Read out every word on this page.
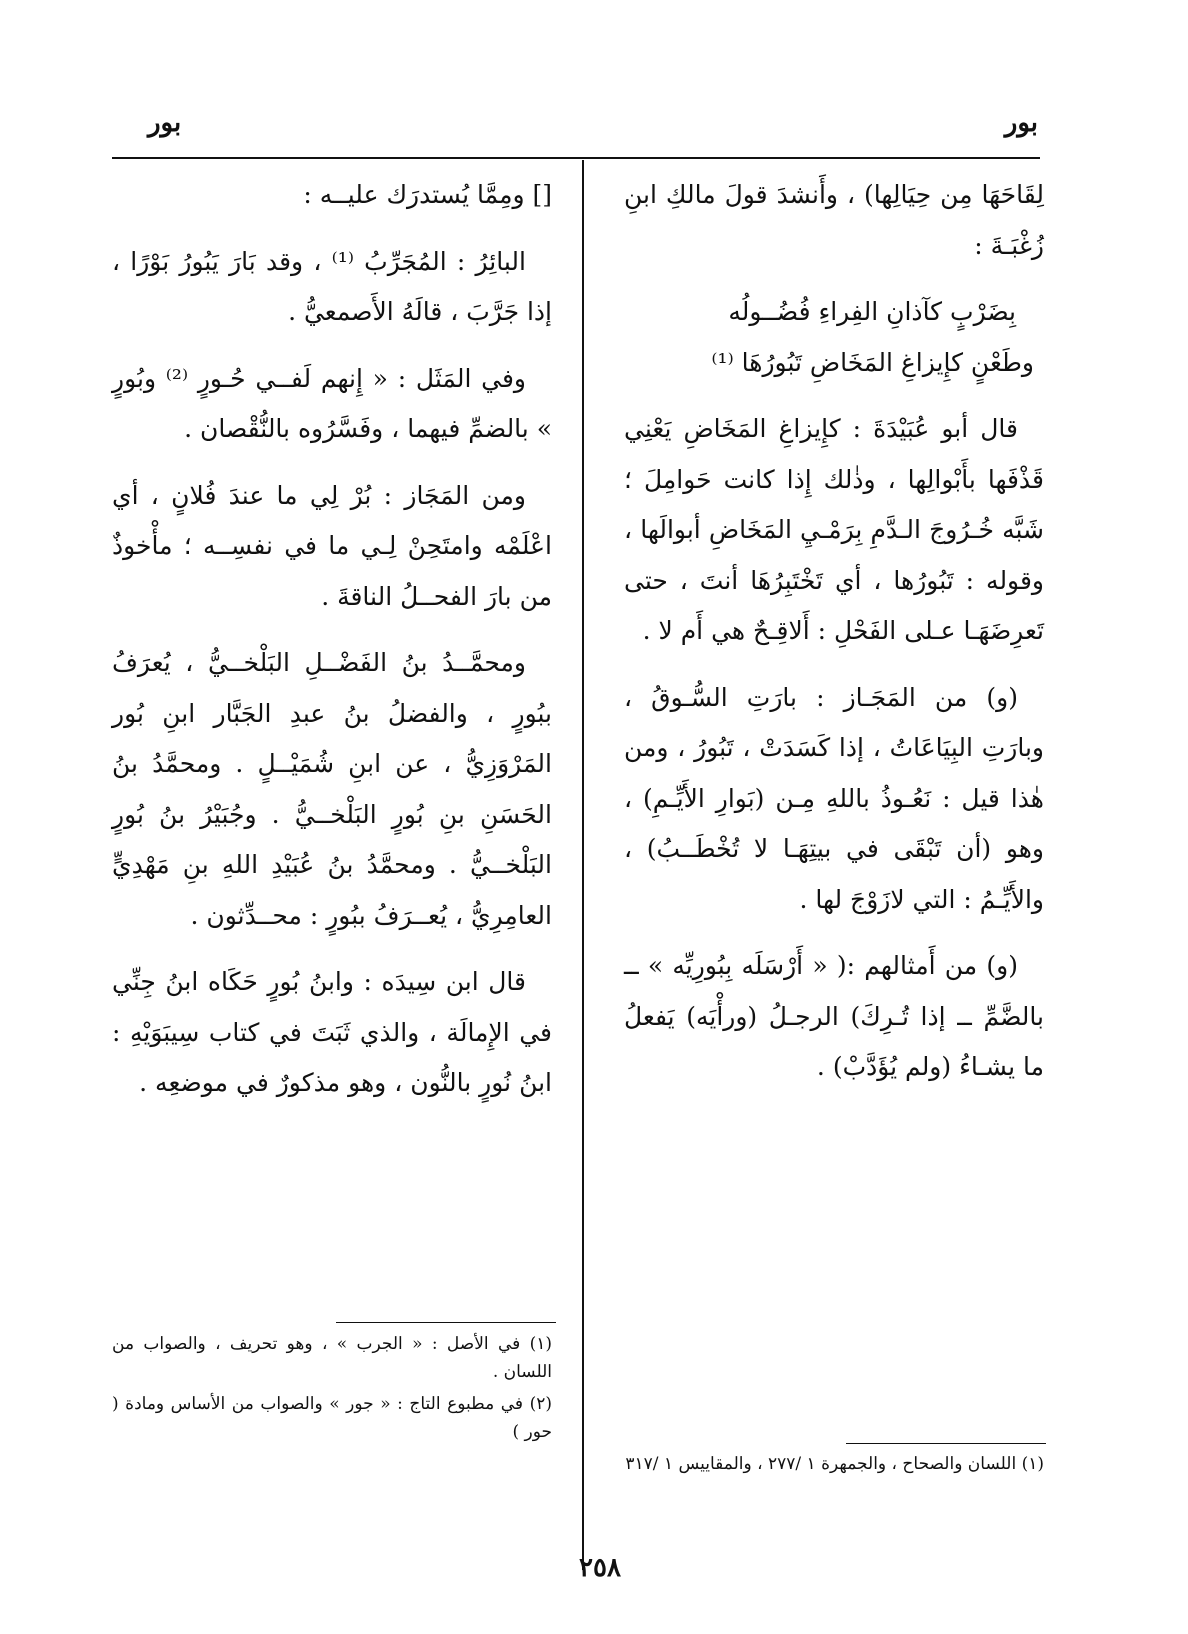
بور
بور

لِقَاحَهَا مِن حِيَالِها) ، وأَنشدَ قولَ مالكِ ابنِ زُغْبَـةَ :

بِضَرْبٍ كآذانِ الفِراءِ فُضُــولُه
وطَعْنٍ كإِيزاغِ المَخَاضِ تَبُورُهَا ⁽¹⁾

قال أبو عُبَيْدَةَ : كإِيزاغِ المَخَاضِ يَعْنِي قَذْفَها بأَبْوالِها ، وذٰلك إِذا كانت حَوامِلَ ؛ شَبَّه خُـرُوجَ الـدَّمِ بِرَمْـيِ المَخَاضِ أبوالَها ، وقوله : تَبُورُها ، أي تَخْتَبِرُهَا أنتَ ، حتى تَعرِضَهَـا عـلى الفَحْلِ : أَلاقِـحٌ هي أَم لا .

(و) من المَجَـاز : بارَتِ السُّـوقُ ، وبارَتِ البِيَاعَاتُ ، إذا كَسَدَتْ ، تَبُورُ ، ومن هٰذا قيل : نَعُـوذُ باللهِ مِـن (بَوارِ الأَيِّـمِ) ، وهو (أن تَبْقَى في بيتِهَـا لا تُخْطَــبُ) ، والأَيِّـمُ : التي لازَوْجَ لها .

(و) من أَمثالهم :( « أَرْسَلَه بِبُورِيِّه » ــ بالضَّمِّ ــ إذا تُـرِكَ) الرجـلُ (ورأْيَه) يَفعلُ ما يشـاءُ (ولم يُؤَدَّبْ) .

[] ومِمَّا يُستدرَك عليــه :

البائِرُ : المُجَرِّبُ ⁽¹⁾ ، وقد بَارَ يَبُورُ بَوْرًا ، إذا جَرَّبَ ، قالَهُ الأَصمعيُّ .

وفي المَثَل : « إِنهم لَفــي حُـورٍ ⁽²⁾ وبُورٍ » بالضمِّ فيهما ، وفَسَّرُوه بالنُّقْصان .

ومن المَجَاز : بُرْ لِي ما عندَ فُلانٍ ، أي اعْلَمْه وامتَحِنْ لِـي ما في نفسِــه ؛ مأْخوذٌ من بارَ الفحــلُ الناقةَ .

ومحمَّــدُ بنُ الفَضْــلِ البَلْخــيُّ ، يُعرَفُ ببُورٍ ، والفضلُ بنُ عبدِ الجَبَّار ابنِ بُور المَرْوَزِيُّ ، عن ابنِ شُمَيْــلٍ . ومحمَّدُ بنُ الحَسَنِ بنِ بُورٍ البَلْخــيُّ . وجُبَيْرُ بنُ بُورٍ البَلْخــيُّ . ومحمَّدُ بنُ عُبَيْدِ اللهِ بنِ مَهْدِيٍّ العامِرِيُّ ، يُعــرَفُ ببُورٍ : محــدِّثون .

قال ابن سِيدَه : وابنُ بُورٍ حَكَاه ابنُ جِنِّي في الإِمالَة ، والذي ثَبَتَ في كتاب سِيبَوَيْهِ : ابنُ نُورٍ بالنُّون ، وهو مذكورٌ في موضعِه .

(١) في الأصل : « الجرب » ، وهو تحريف ، والصواب من اللسان .
(٢) في مطبوع التاج : « جور » والصواب من الأساس ومادة ( حور )
(١) اللسان والصحاح ، والجمهرة ١ /٢٧٧ ، والمقاييس ١ /٣١٧
٢٥٨
